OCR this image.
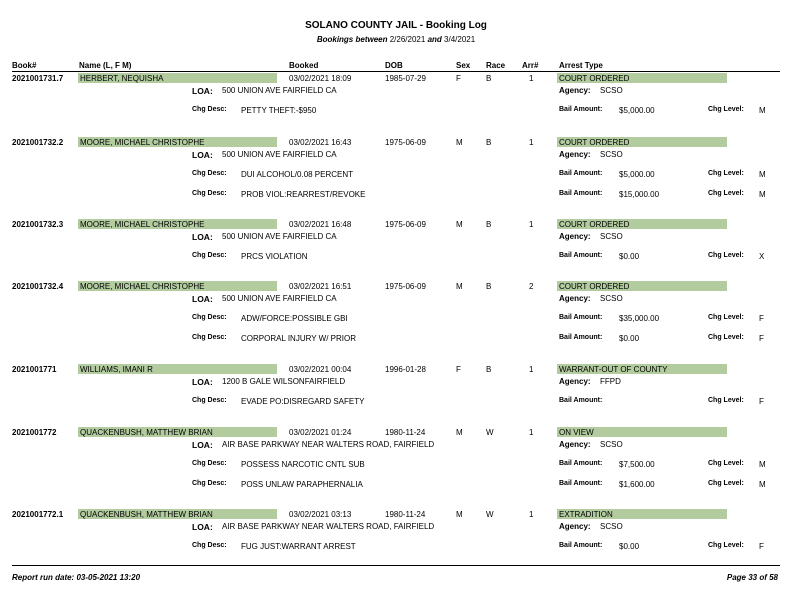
SOLANO COUNTY JAIL - Booking Log
Bookings between 2/26/2021 and 3/4/2021
Book#	Name (L, F M)	Booked	DOB	Sex Race Arr#	Arrest Type
2021001731.7 HERBERT, NEQUISHA	03/02/2021 18:09	1985-07-29	F	B	1	COURT ORDERED
LOA: 500 UNION AVE FAIRFIELD CA	Agency: SCSO
Chg Desc: PETTY THEFT:-$950	Bail Amount: $5,000.00	Chg Level: M
2021001732.2 MOORE, MICHAEL CHRISTOPHE	03/02/2021 16:43	1975-06-09	M	B	1	COURT ORDERED
LOA: 500 UNION AVE FAIRFIELD CA	Agency: SCSO
Chg Desc: DUI ALCOHOL/0.08 PERCENT	Bail Amount: $5,000.00	Chg Level: M
Chg Desc: PROB VIOL:REARREST/REVOKE	Bail Amount: $15,000.00	Chg Level: M
2021001732.3 MOORE, MICHAEL CHRISTOPHE	03/02/2021 16:48	1975-06-09	M	B	1	COURT ORDERED
LOA: 500 UNION AVE FAIRFIELD CA	Agency: SCSO
Chg Desc: PRCS VIOLATION	Bail Amount: $0.00	Chg Level: X
2021001732.4 MOORE, MICHAEL CHRISTOPHE	03/02/2021 16:51	1975-06-09	M	B	2	COURT ORDERED
LOA: 500 UNION AVE FAIRFIELD CA	Agency: SCSO
Chg Desc: ADW/FORCE:POSSIBLE GBI	Bail Amount: $35,000.00	Chg Level: F
Chg Desc: CORPORAL INJURY W/ PRIOR	Bail Amount: $0.00	Chg Level: F
2021001771	WILLIAMS, IMANI R	03/02/2021 00:04	1996-01-28	F	B	1	WARRANT-OUT OF COUNTY
LOA: 1200 B GALE WILSONFAIRFIELD	Agency: FFPD
Chg Desc: EVADE PO:DISREGARD SAFETY	Bail Amount:	Chg Level: F
2021001772	QUACKENBUSH, MATTHEW BRIAN	03/02/2021 01:24	1980-11-24	M	W	1	ON VIEW
LOA: AIR BASE PARKWAY NEAR WALTERS ROAD, FAIRFIELD	Agency: SCSO
Chg Desc: POSSESS NARCOTIC CNTL SUB	Bail Amount: $7,500.00	Chg Level: M
Chg Desc: POSS UNLAW PARAPHERNALIA	Bail Amount: $1,600.00	Chg Level: M
2021001772.1 QUACKENBUSH, MATTHEW BRIAN	03/02/2021 03:13	1980-11-24	M	W	1	EXTRADITION
LOA: AIR BASE PARKWAY NEAR WALTERS ROAD, FAIRFIELD	Agency: SCSO
Chg Desc: FUG JUST:WARRANT ARREST	Bail Amount: $0.00	Chg Level: F
Report run date: 03-05-2021 13:20	Page 33 of 58
